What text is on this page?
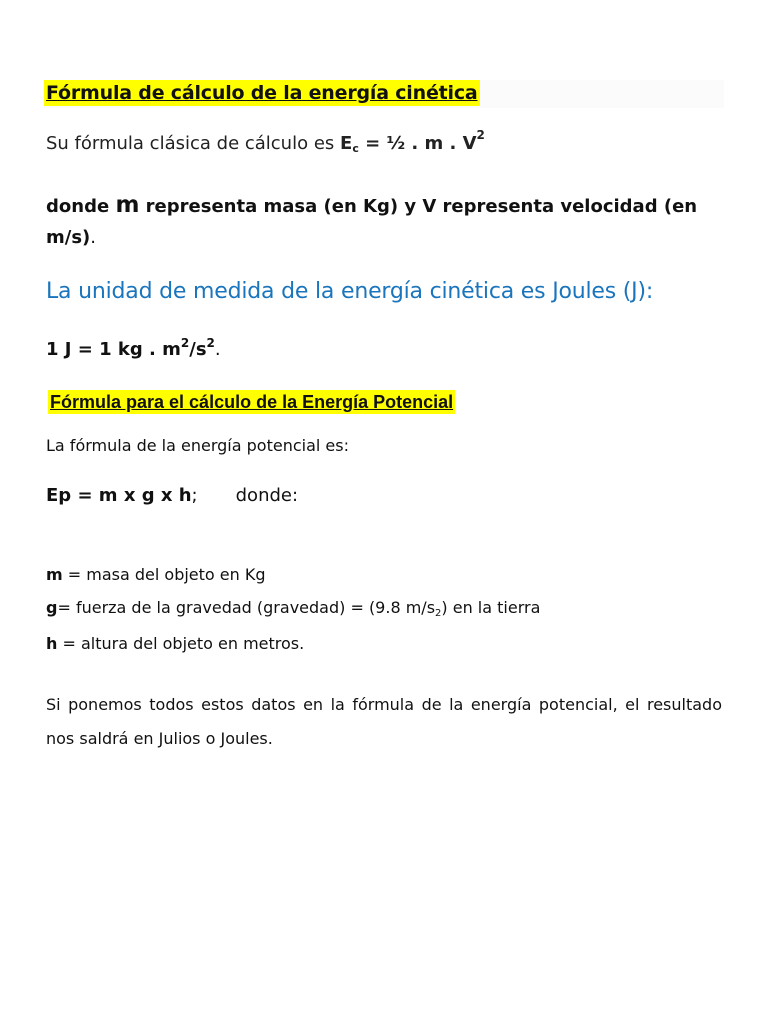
Fórmula de cálculo de la energía cinética
Su fórmula clásica de cálculo es Ec = ½ . m . $V^2$
donde m representa masa (en Kg) y V representa velocidad (en m/s).
La unidad de medida de la energía cinética es Joules (J):
1 J = 1 kg . $m^2/s^2$.
Fórmula para el cálculo de la Energía Potencial
La fórmula de la energía potencial es:
Ep = m x g x h; donde:
m = masa del objeto en Kg
g= fuerza de la gravedad (gravedad) = (9.8 m/s2) en la tierra
h = altura del objeto en metros.
Si ponemos todos estos datos en la fórmula de la energía potencial, el resultado nos saldrá en Julios o Joules.
